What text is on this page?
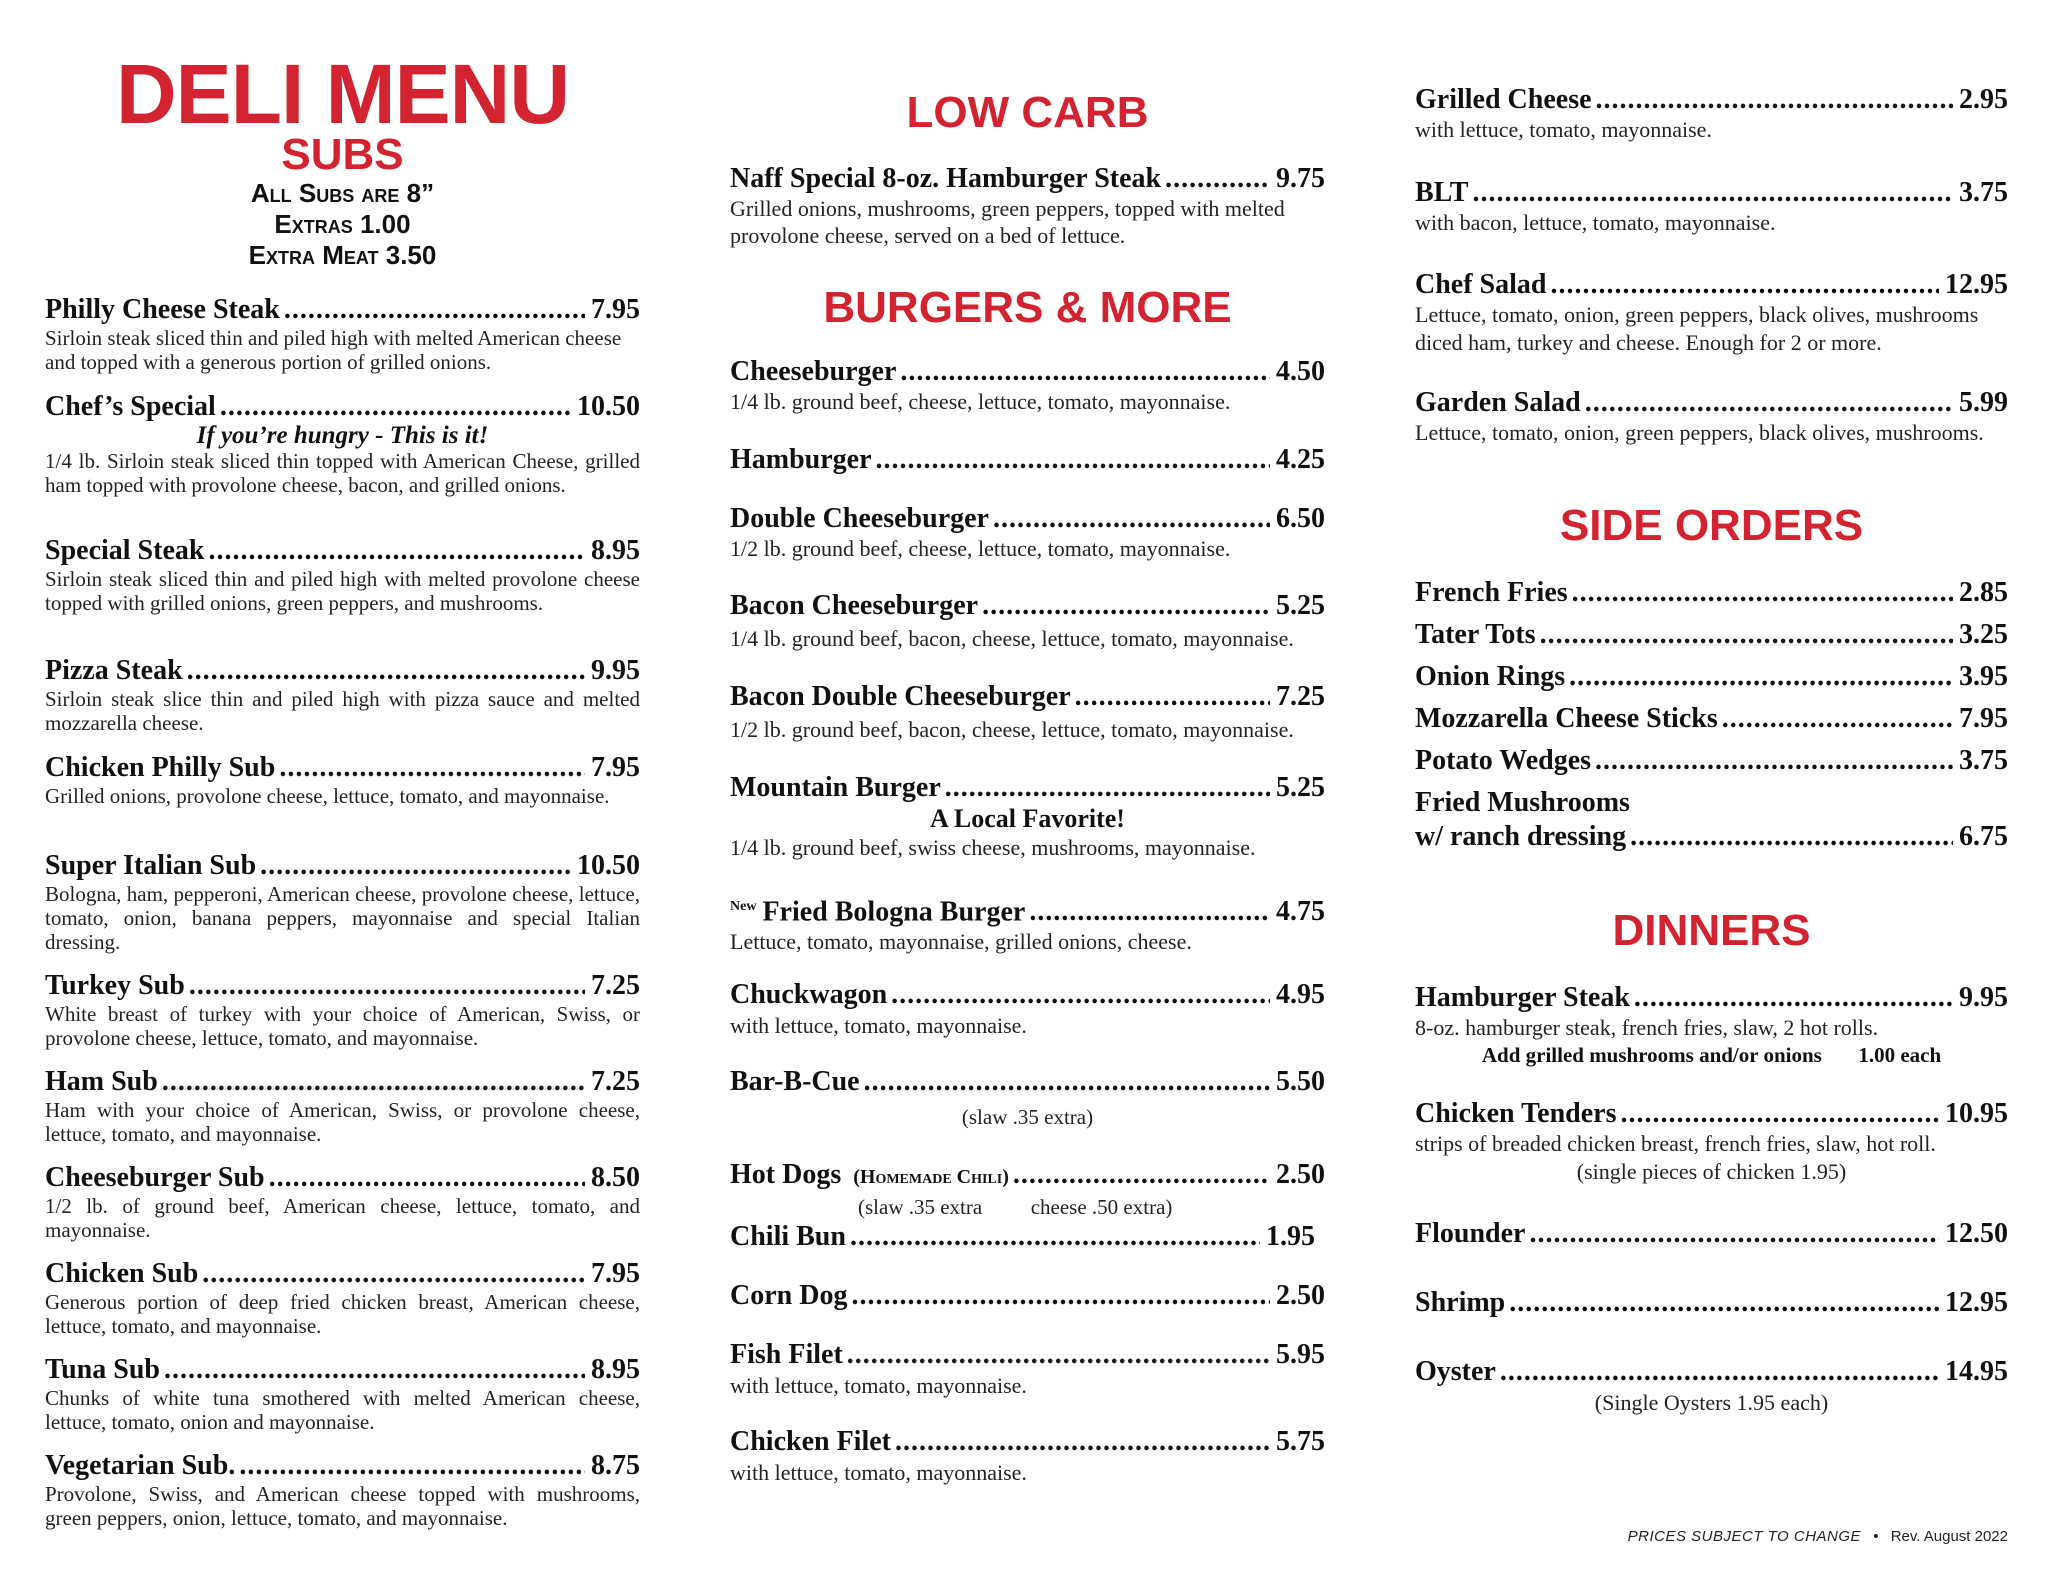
DELI MENU
SUBS
All Subs are 8”
Extras 1.00
Extra Meat 3.50
Philly Cheese Steak .....	7.95
Sirloin steak sliced thin and piled high with melted American cheese and topped with a generous portion of grilled onions.
Chef’s Special .....	10.50
If you’re hungry - This is it!
1/4 lb. Sirloin steak sliced thin topped with American Cheese, grilled ham topped with provolone cheese, bacon, and grilled onions.
Special Steak .....	8.95
Sirloin steak sliced thin and piled high with melted provolone cheese topped with grilled onions, green peppers, and mushrooms.
Pizza Steak .....	9.95
Sirloin steak slice thin and piled high with pizza sauce and melted mozzarella cheese.
Chicken Philly Sub .....	7.95
Grilled onions, provolone cheese, lettuce, tomato, and mayonnaise.
Super Italian Sub .....	10.50
Bologna, ham, pepperoni, American cheese, provolone cheese, lettuce, tomato, onion, banana peppers, mayonnaise and special Italian dressing.
Turkey Sub .....	7.25
White breast of turkey with your choice of American, Swiss, or provolone cheese, lettuce, tomato, and mayonnaise.
Ham Sub .....	7.25
Ham with your choice of American, Swiss, or provolone cheese, lettuce, tomato, and mayonnaise.
Cheeseburger Sub .....	8.50
1/2 lb. of ground beef, American cheese, lettuce, tomato, and mayonnaise.
Chicken Sub .....	7.95
Generous portion of deep fried chicken breast, American cheese, lettuce, tomato, and mayonnaise.
Tuna Sub .....	8.95
Chunks of white tuna smothered with melted American cheese, lettuce, tomato, onion and mayonnaise.
Vegetarian Sub. .....	8.75
Provolone, Swiss, and American cheese topped with mushrooms, green peppers, onion, lettuce, tomato, and mayonnaise.
LOW CARB
Naff Special 8-oz. Hamburger Steak .....	9.75
Grilled onions, mushrooms, green peppers, topped with melted provolone cheese, served on a bed of lettuce.
BURGERS & MORE
Cheeseburger .....	4.50
1/4 lb. ground beef, cheese, lettuce, tomato, mayonnaise.
Hamburger .....	4.25
Double Cheeseburger .....	6.50
1/2 lb. ground beef, cheese, lettuce, tomato, mayonnaise.
Bacon Cheeseburger .....	5.25
1/4 lb. ground beef, bacon, cheese, lettuce, tomato, mayonnaise.
Bacon Double Cheeseburger .....	7.25
1/2 lb. ground beef, bacon, cheese, lettuce, tomato, mayonnaise.
Mountain Burger .....	5.25
A Local Favorite!
1/4 lb. ground beef, swiss cheese, mushrooms, mayonnaise.
$^{New}$ Fried Bologna Burger .....	4.75
Lettuce, tomato, mayonnaise, grilled onions, cheese.
Chuckwagon .....	4.95
with lettuce, tomato, mayonnaise.
Bar-B-Cue .....	5.50
(slaw .35 extra)
Hot Dogs (Homemade Chili) .....	2.50
(slaw .35 extra cheese .50 extra)
Chili Bun .....	1.95
Corn Dog .....	2.50
Fish Filet .....	5.95
with lettuce, tomato, mayonnaise.
Chicken Filet .....	5.75
with lettuce, tomato, mayonnaise.
Grilled Cheese .....	2.95
with lettuce, tomato, mayonnaise.
BLT .....	3.75
with bacon, lettuce, tomato, mayonnaise.
Chef Salad .....	12.95
Lettuce, tomato, onion, green peppers, black olives, mushrooms diced ham, turkey and cheese. Enough for 2 or more.
Garden Salad .....	5.99
Lettuce, tomato, onion, green peppers, black olives, mushrooms.
SIDE ORDERS
French Fries .....	2.85
Tater Tots .....	3.25
Onion Rings .....	3.95
Mozzarella Cheese Sticks .....	7.95
Potato Wedges .....	3.75
Fried Mushrooms
w/ ranch dressing .....	6.75
DINNERS
Hamburger Steak .....	9.95
8-oz. hamburger steak, french fries, slaw, 2 hot rolls.
Add grilled mushrooms and/or onions 1.00 each
Chicken Tenders .....	10.95
strips of breaded chicken breast, french fries, slaw, hot roll.
(single pieces of chicken 1.95)
Flounder .....	12.50
Shrimp .....	12.95
Oyster .....	14.95
(Single Oysters 1.95 each)
PRICES SUBJECT TO CHANGE • Rev. August 2022
